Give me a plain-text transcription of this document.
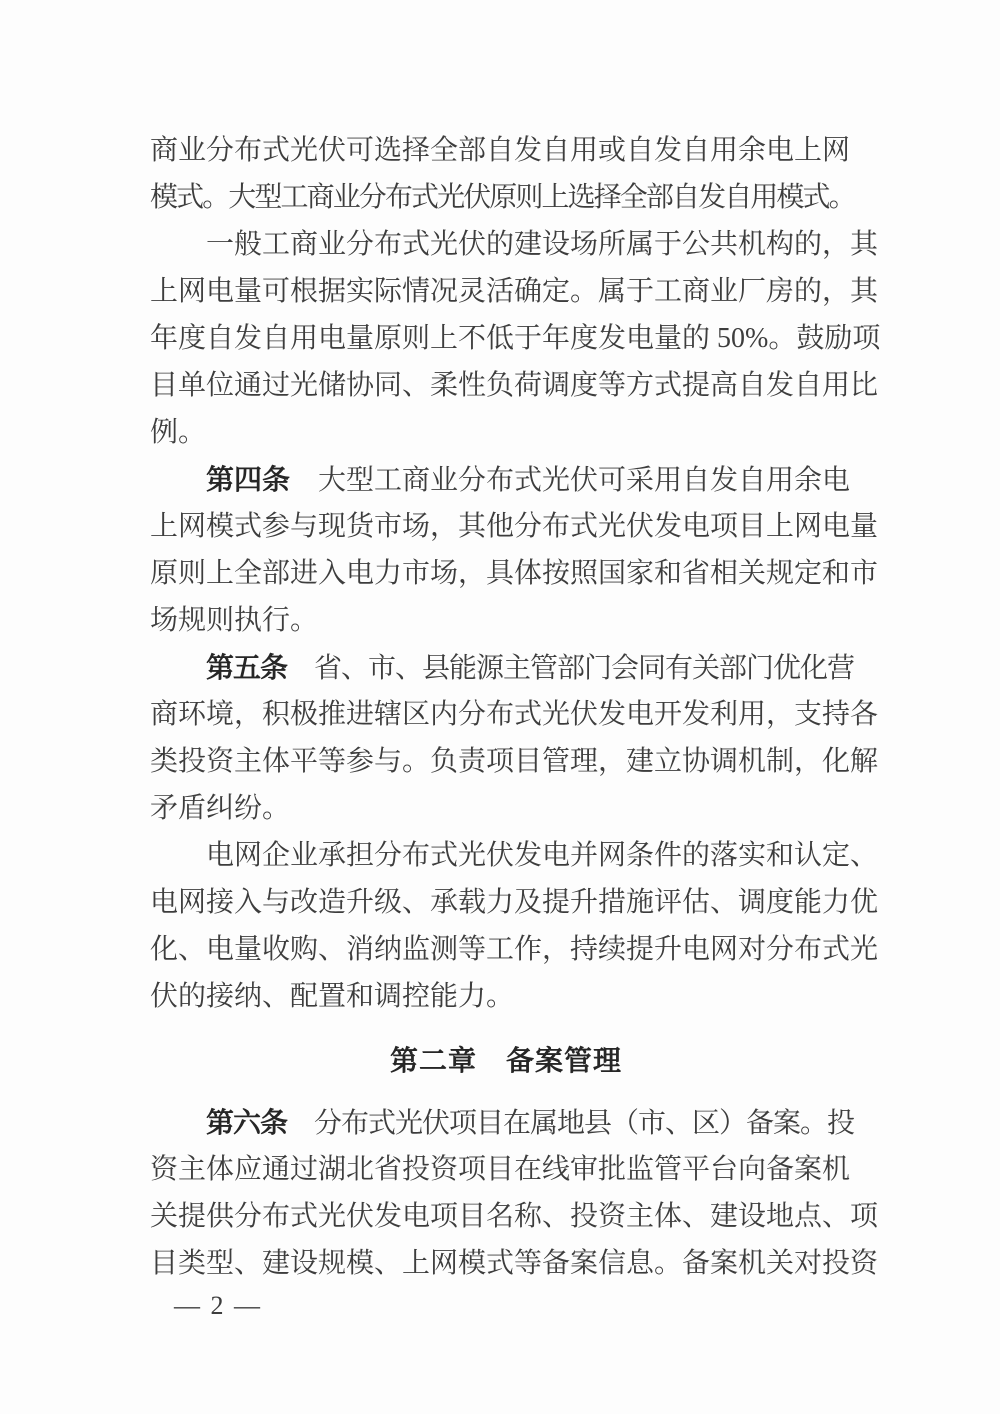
商业分布式光伏可选择全部自发自用或自发自用余电上网
模式。大型工商业分布式光伏原则上选择全部自发自用模式。
一般工商业分布式光伏的建设场所属于公共机构的，其
上网电量可根据实际情况灵活确定。属于工商业厂房的，其
年度自发自用电量原则上不低于年度发电量的 50%。鼓励项
目单位通过光储协同、柔性负荷调度等方式提高自发自用比
例。
第四条　大型工商业分布式光伏可采用自发自用余电
上网模式参与现货市场，其他分布式光伏发电项目上网电量
原则上全部进入电力市场，具体按照国家和省相关规定和市
场规则执行。
第五条　省、市、县能源主管部门会同有关部门优化营
商环境，积极推进辖区内分布式光伏发电开发利用，支持各
类投资主体平等参与。负责项目管理，建立协调机制，化解
矛盾纠纷。
电网企业承担分布式光伏发电并网条件的落实和认定、
电网接入与改造升级、承载力及提升措施评估、调度能力优
化、电量收购、消纳监测等工作，持续提升电网对分布式光
伏的接纳、配置和调控能力。
第二章　备案管理
第六条　分布式光伏项目在属地县（市、区）备案。投
资主体应通过湖北省投资项目在线审批监管平台向备案机
关提供分布式光伏发电项目名称、投资主体、建设地点、项
目类型、建设规模、上网模式等备案信息。备案机关对投资
— 2 —
